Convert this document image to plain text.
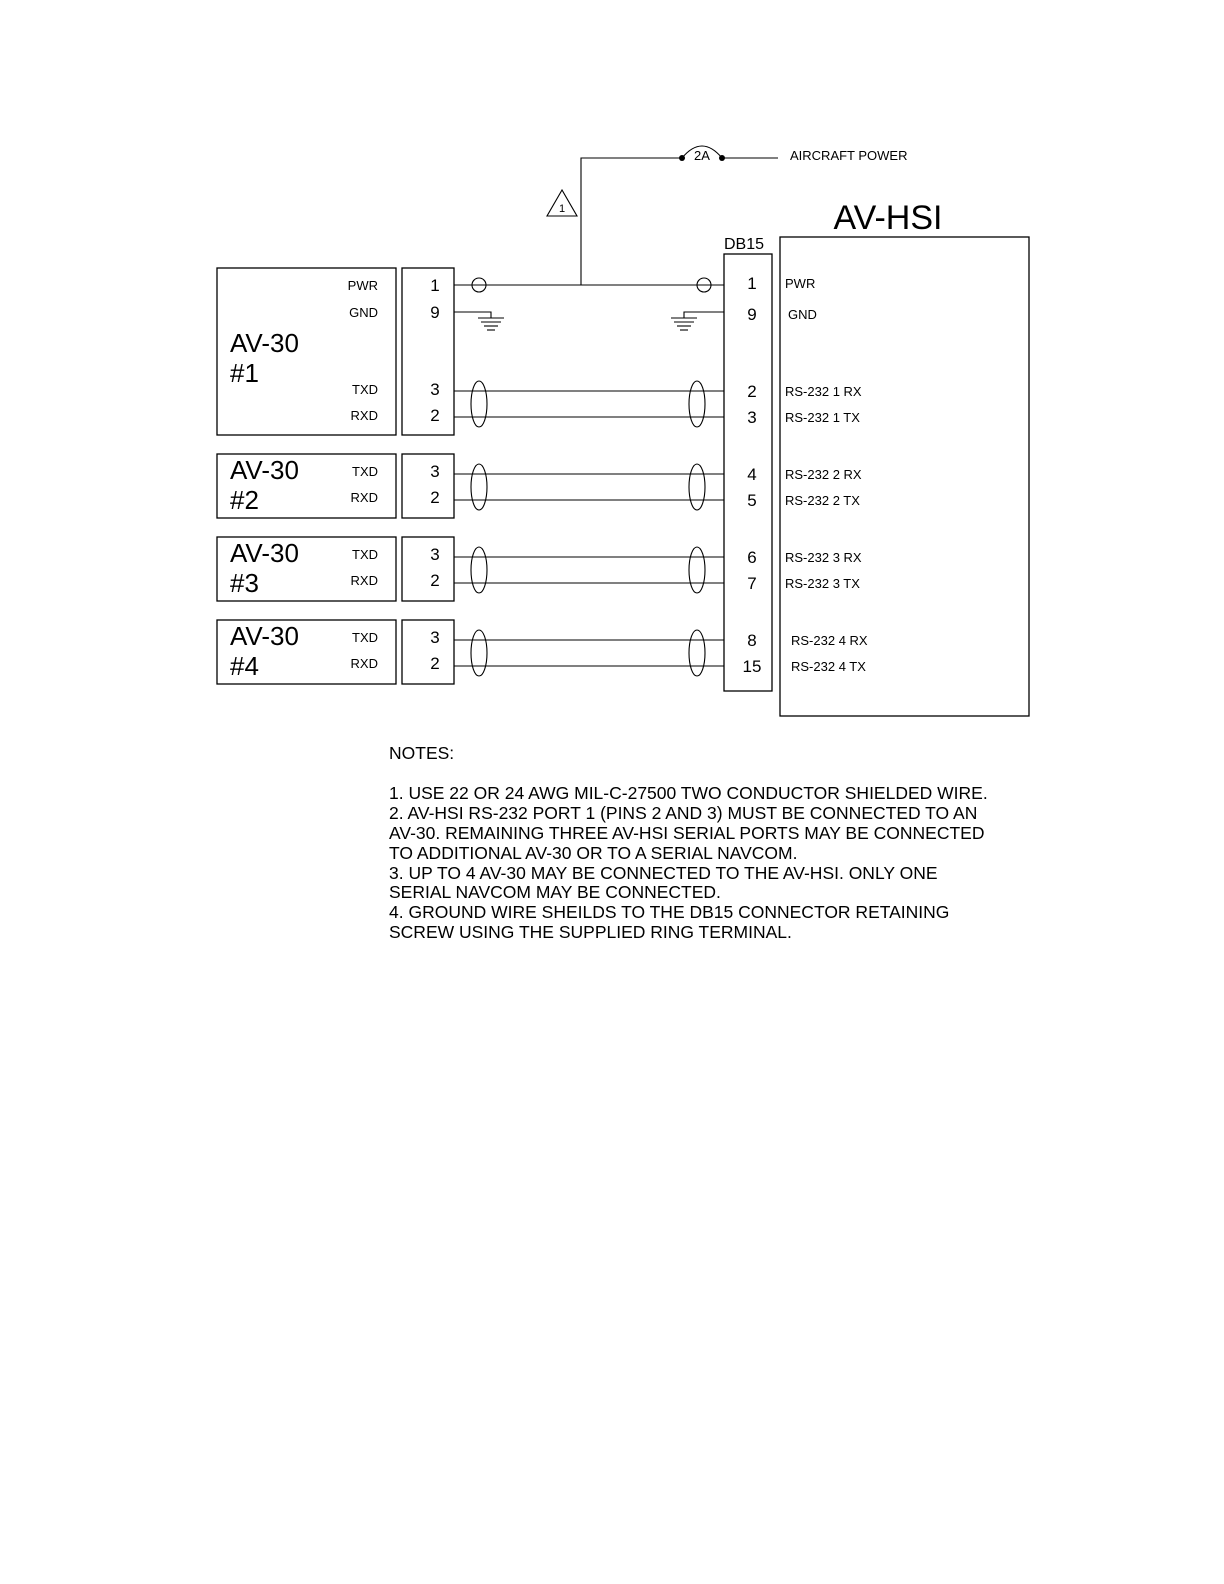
2A	AIRCRAFT POWER
1	AV-HSI
DB15
1 PWR
9 GND
2 RS-232 1 RX
3 RS-232 1 TX
4 RS-232 2 RX
5 RS-232 2 TX
6 RS-232 3 RX
7 RS-232 3 TX
8	RS-232 4 RX
15 RS-232 4 TX
AV-30
#1
AV-30
#2
AV-30
#3
AV-30
#4
PWR	1
GND	9
TXD	3
RXD	2
TXD	3
RXD	2
TXD	3
RXD	2
TXD	3
RXD	2

NOTES:

1. USE 22 OR 24 AWG MIL-C-27500 TWO CONDUCTOR SHIELDED WIRE.

2. AV-HSI RS-232 PORT 1 (PINS 2 AND 3) MUST BE CONNECTED TO AN AV-30. REMAINING THREE AV-HSI SERIAL PORTS MAY BE CONNECTED TO ADDITIONAL AV-30 OR TO A SERIAL NAVCOM.

3. UP TO 4 AV-30 MAY BE CONNECTED TO THE AV-HSI. ONLY ONE SERIAL NAVCOM MAY BE CONNECTED.

4. GROUND WIRE SHEILDS TO THE DB15 CONNECTOR RETAINING SCREW USING THE SUPPLIED RING TERMINAL.
